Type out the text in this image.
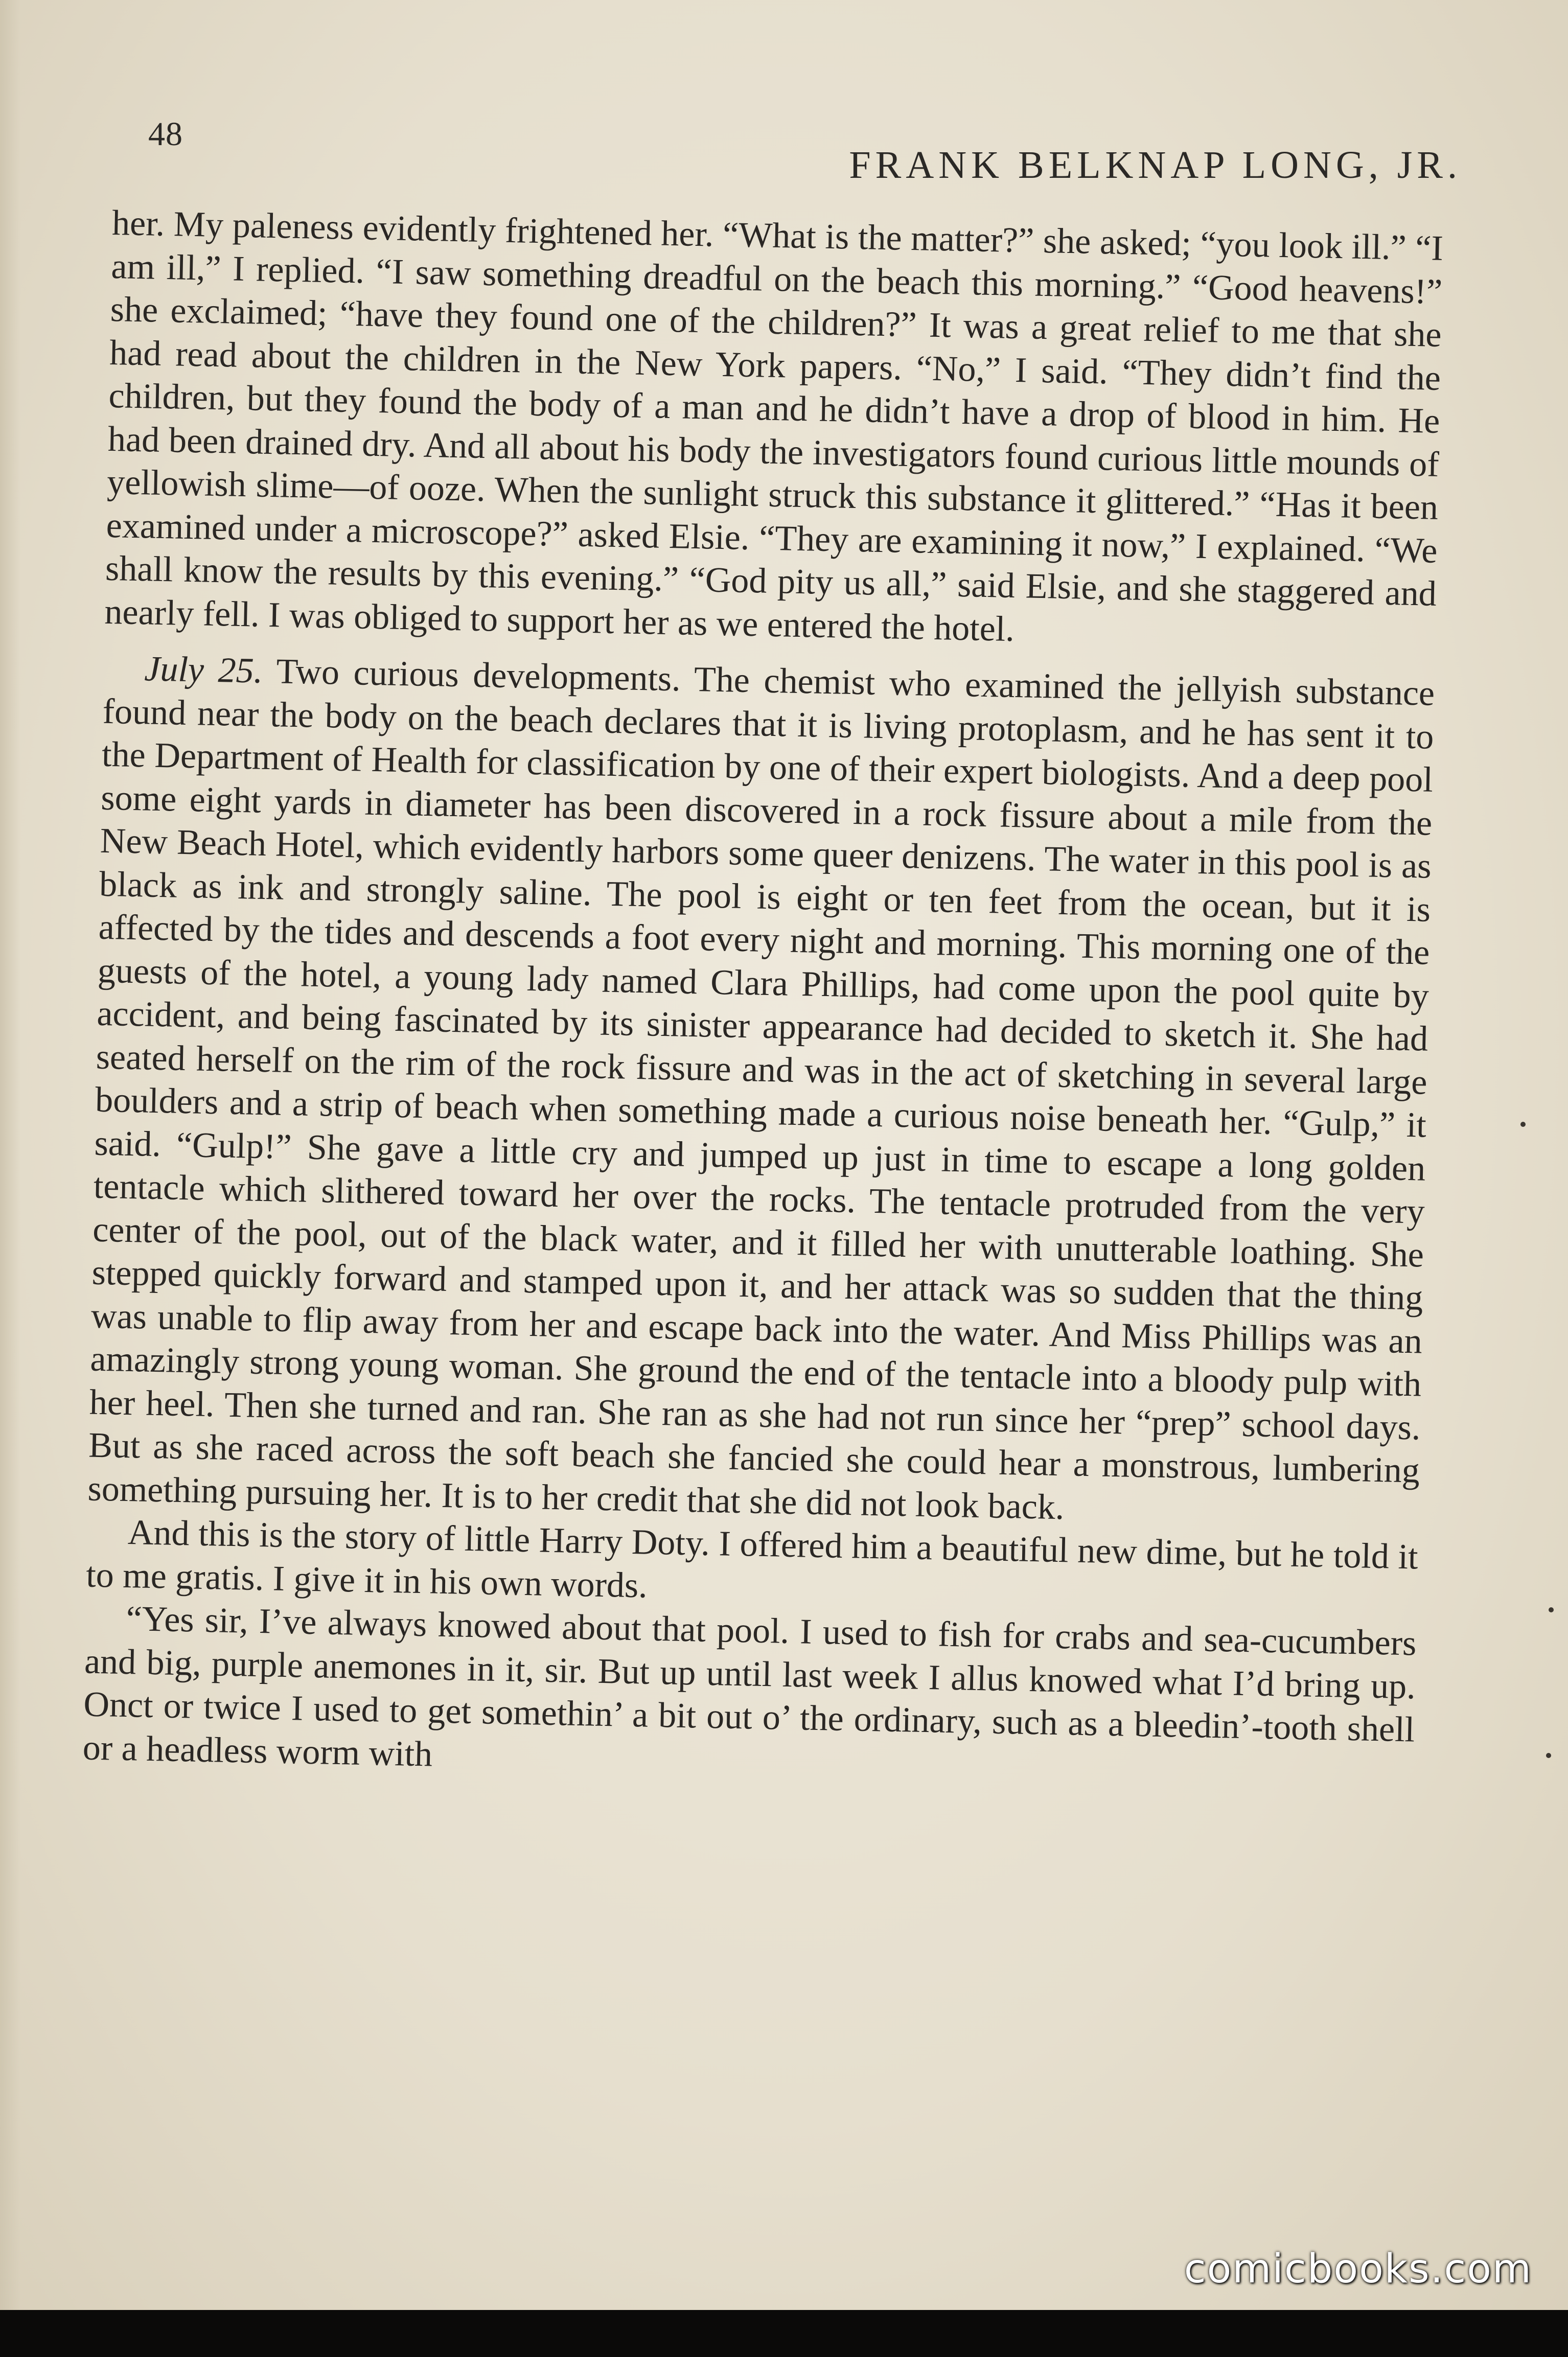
48
FRANK BELKNAP LONG, JR.

her. My paleness evidently frightened her. “What is the matter?” she asked; “you look ill.” “I am ill,” I replied. “I saw something dreadful on the beach this morning.” “Good heavens!” she exclaimed; “have they found one of the children?” It was a great relief to me that she had read about the children in the New York papers. “No,” I said. “They didn’t find the children, but they found the body of a man and he didn’t have a drop of blood in him. He had been drained dry. And all about his body the investigators found curious little mounds of yellowish slime—of ooze. When the sunlight struck this substance it glittered.” “Has it been examined under a microscope?” asked Elsie. “They are examining it now,” I explained. “We shall know the results by this evening.” “God pity us all,” said Elsie, and she staggered and nearly fell. I was obliged to support her as we entered the hotel.

July 25. Two curious developments. The chemist who examined the jellyish substance found near the body on the beach declares that it is living protoplasm, and he has sent it to the Department of Health for classification by one of their expert biologists. And a deep pool some eight yards in diameter has been discovered in a rock fissure about a mile from the New Beach Hotel, which evidently harbors some queer denizens. The water in this pool is as black as ink and strongly saline. The pool is eight or ten feet from the ocean, but it is affected by the tides and descends a foot every night and morning. This morning one of the guests of the hotel, a young lady named Clara Phillips, had come upon the pool quite by accident, and being fascinated by its sinister appearance had decided to sketch it. She had seated herself on the rim of the rock fissure and was in the act of sketching in several large boulders and a strip of beach when something made a curious noise beneath her. “Gulp,” it said. “Gulp!” She gave a little cry and jumped up just in time to escape a long golden tentacle which slithered toward her over the rocks. The tentacle protruded from the very center of the pool, out of the black water, and it filled her with unutterable loathing. She stepped quickly forward and stamped upon it, and her attack was so sudden that the thing was unable to flip away from her and escape back into the water. And Miss Phillips was an amazingly strong young woman. She ground the end of the tentacle into a bloody pulp with her heel. Then she turned and ran. She ran as she had not run since her “prep” school days. But as she raced across the soft beach she fancied she could hear a monstrous, lumbering something pursuing her. It is to her credit that she did not look back.

And this is the story of little Harry Doty. I offered him a beautiful new dime, but he told it to me gratis. I give it in his own words.

“Yes sir, I’ve always knowed about that pool. I used to fish for crabs and sea-cucumbers and big, purple anemones in it, sir. But up until last week I allus knowed what I’d bring up. Onct or twice I used to get somethin’ a bit out o’ the ordinary, such as a bleedin’-tooth shell or a headless worm with

comicbooks.com
